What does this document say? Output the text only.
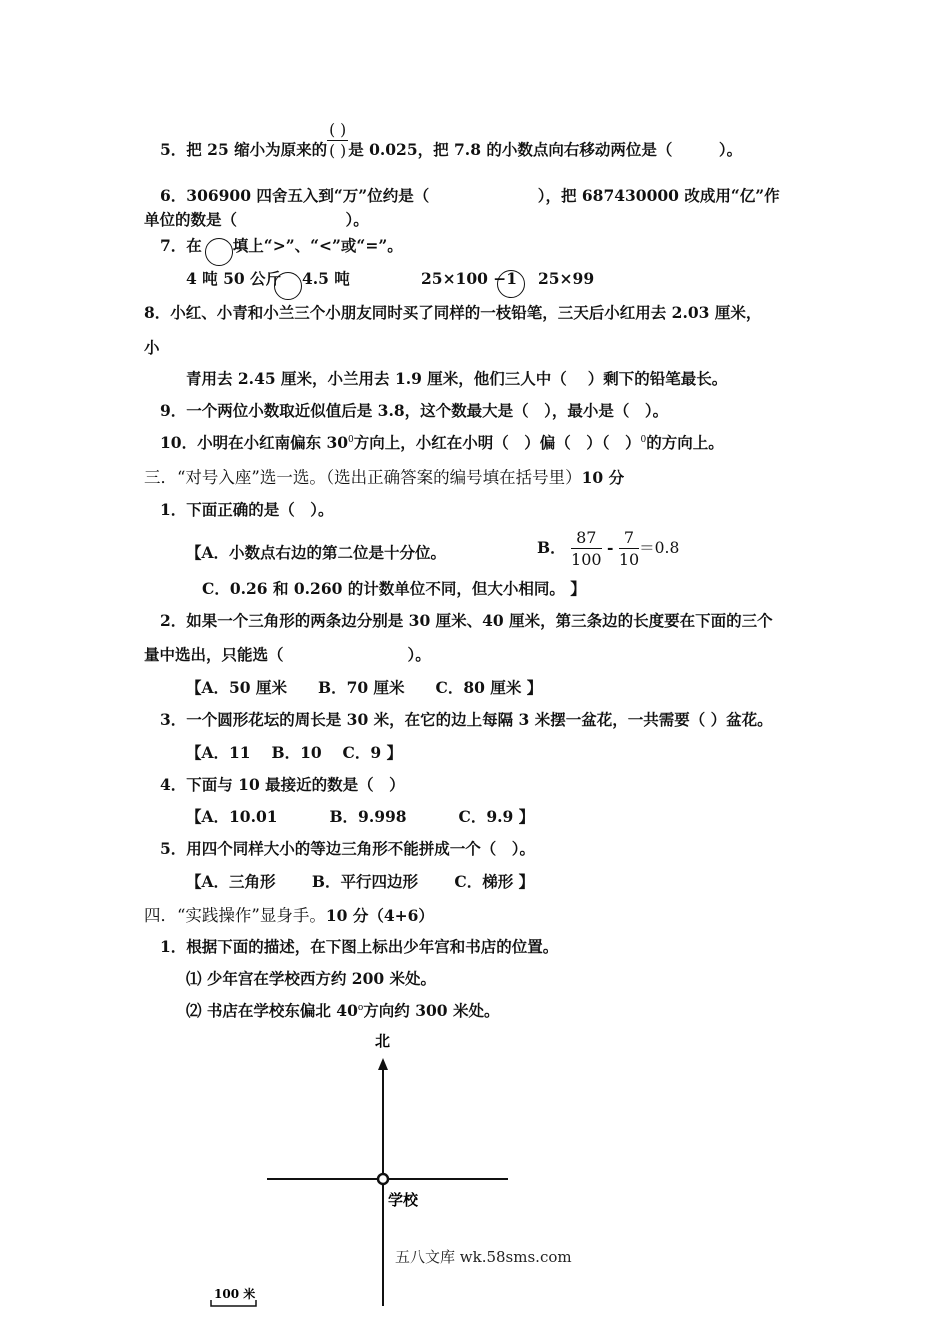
5．把 25 缩小为原来的 $\frac{( )}{( )}$ 是 0.025，把 7.8 的小数点向右移动两位是（　　　）。
6．306900 四舍五入到“万”位约是（　　　　　　　），把 687430000 改成用“亿”作
单位的数是（　　　　　　　）。
7．在　　填上“>”、“<”或“=”。
4 吨 50 公斤　 4.5 吨	25×100 −1　 25×99
8．小红、小青和小兰三个小朋友同时买了同样的一枝铅笔，三天后小红用去 2.03 厘米，
小
青用去 2.45 厘米，小兰用去 1.9 厘米，他们三人中（　 ）剩下的铅笔最长。
9．一个两位小数取近似值后是 3.8，这个数最大是（　），最小是（　）。
10．小明在小红南偏东 $30^0$方向上，小红在小明（　）偏（　）（　）$^0$的方向上。
三．“对号入座”选一选。（选出正确答案的编号填在括号里）10 分
1．下面正确的是（　）。
【A．小数点右边的第二位是十分位。	B． $\frac{87}{100} - \frac{7}{10} =0.8$
C．0.26 和 0.260 的计数单位不同，但大小相同。 】
2．如果一个三角形的两条边分别是 30 厘米、40 厘米，第三条边的长度要在下面的三个
量中选出，只能选（　　　　　　　　）。
【A．50 厘米　　B．70 厘米　　C．80 厘米 】
3．一个圆形花坛的周长是 30 米，在它的边上每隔 3 米摆一盆花，一共需要（ ）盆花。
【A．11　 B．10　 C．9 】
4．下面与 10 最接近的数是（　）
【A．10.01　　　 B．9.998　　　 C．9.9 】
5．用四个同样大小的等边三角形不能拼成一个（　）。
【A．三角形　　 B．平行四边形　　 C．梯形 】
四．“实践操作”显身手。10 分（4+6）
1．根据下面的描述，在下图上标出少年宫和书店的位置。
⑴ 少年宫在学校西方约 200 米处。
⑵ 书店在学校东偏北 40$^o$方向约 300 米处。
北
学校
100 米
五八文库 wk.58sms.com
